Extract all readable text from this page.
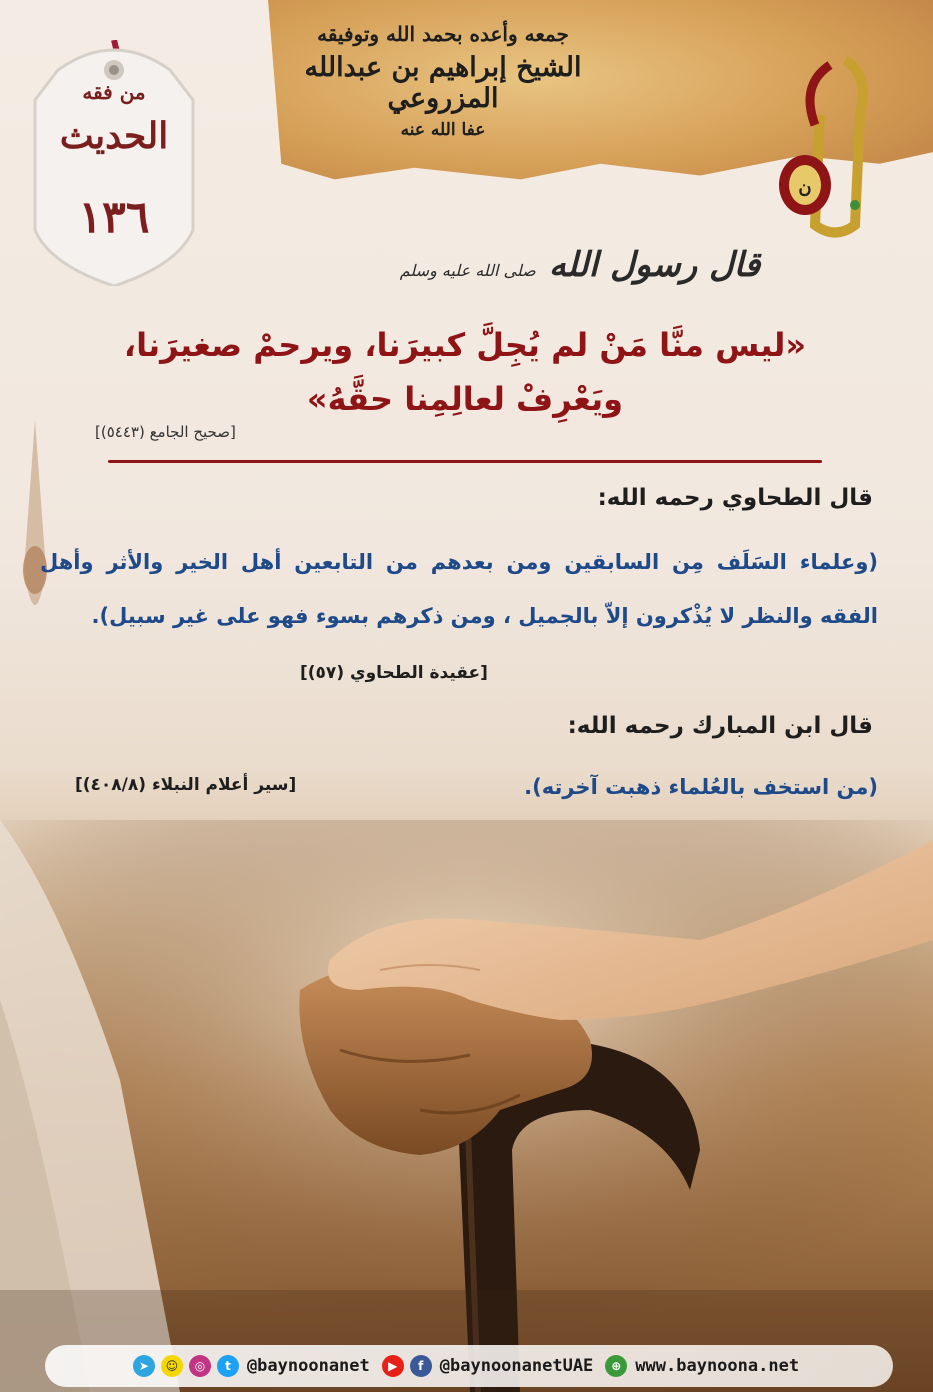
جمعه وأعده بحمد الله وتوفيقه
الشيخ إبراهيم بن عبدالله المزروعي
عفا الله عنه
ن
من فقه
الحديث
١٣٦
قال رسول الله صلى الله عليه وسلم
«ليس منَّا مَنْ لم يُجِلَّ كبيرَنا، ويرحمْ صغيرَنا،
ويَعْرِفْ لعالِمِنا حقَّهُ»
[صحيح الجامع (٥٤٤٣)]
قال الطحاوي رحمه الله:
(وعلماء السَلَف مِن السابقين ومن بعدهم من التابعين أهل الخير والأثر وأهل الفقه والنظر لا يُذْكرون إلاّ بالجميل ، ومن ذكرهم بسوء فهو على غير سبيل).
[عقيدة الطحاوي (٥٧)]
قال ابن المبارك رحمه الله:
(من استخف بالعُلماء ذهبت آخرته).
[سير أعلام النبلاء (٤٠٨/٨)]
➤	☺	◎	t @baynoonanet	▶	f @baynoonanetUAE	⊕ www.baynoona.net
